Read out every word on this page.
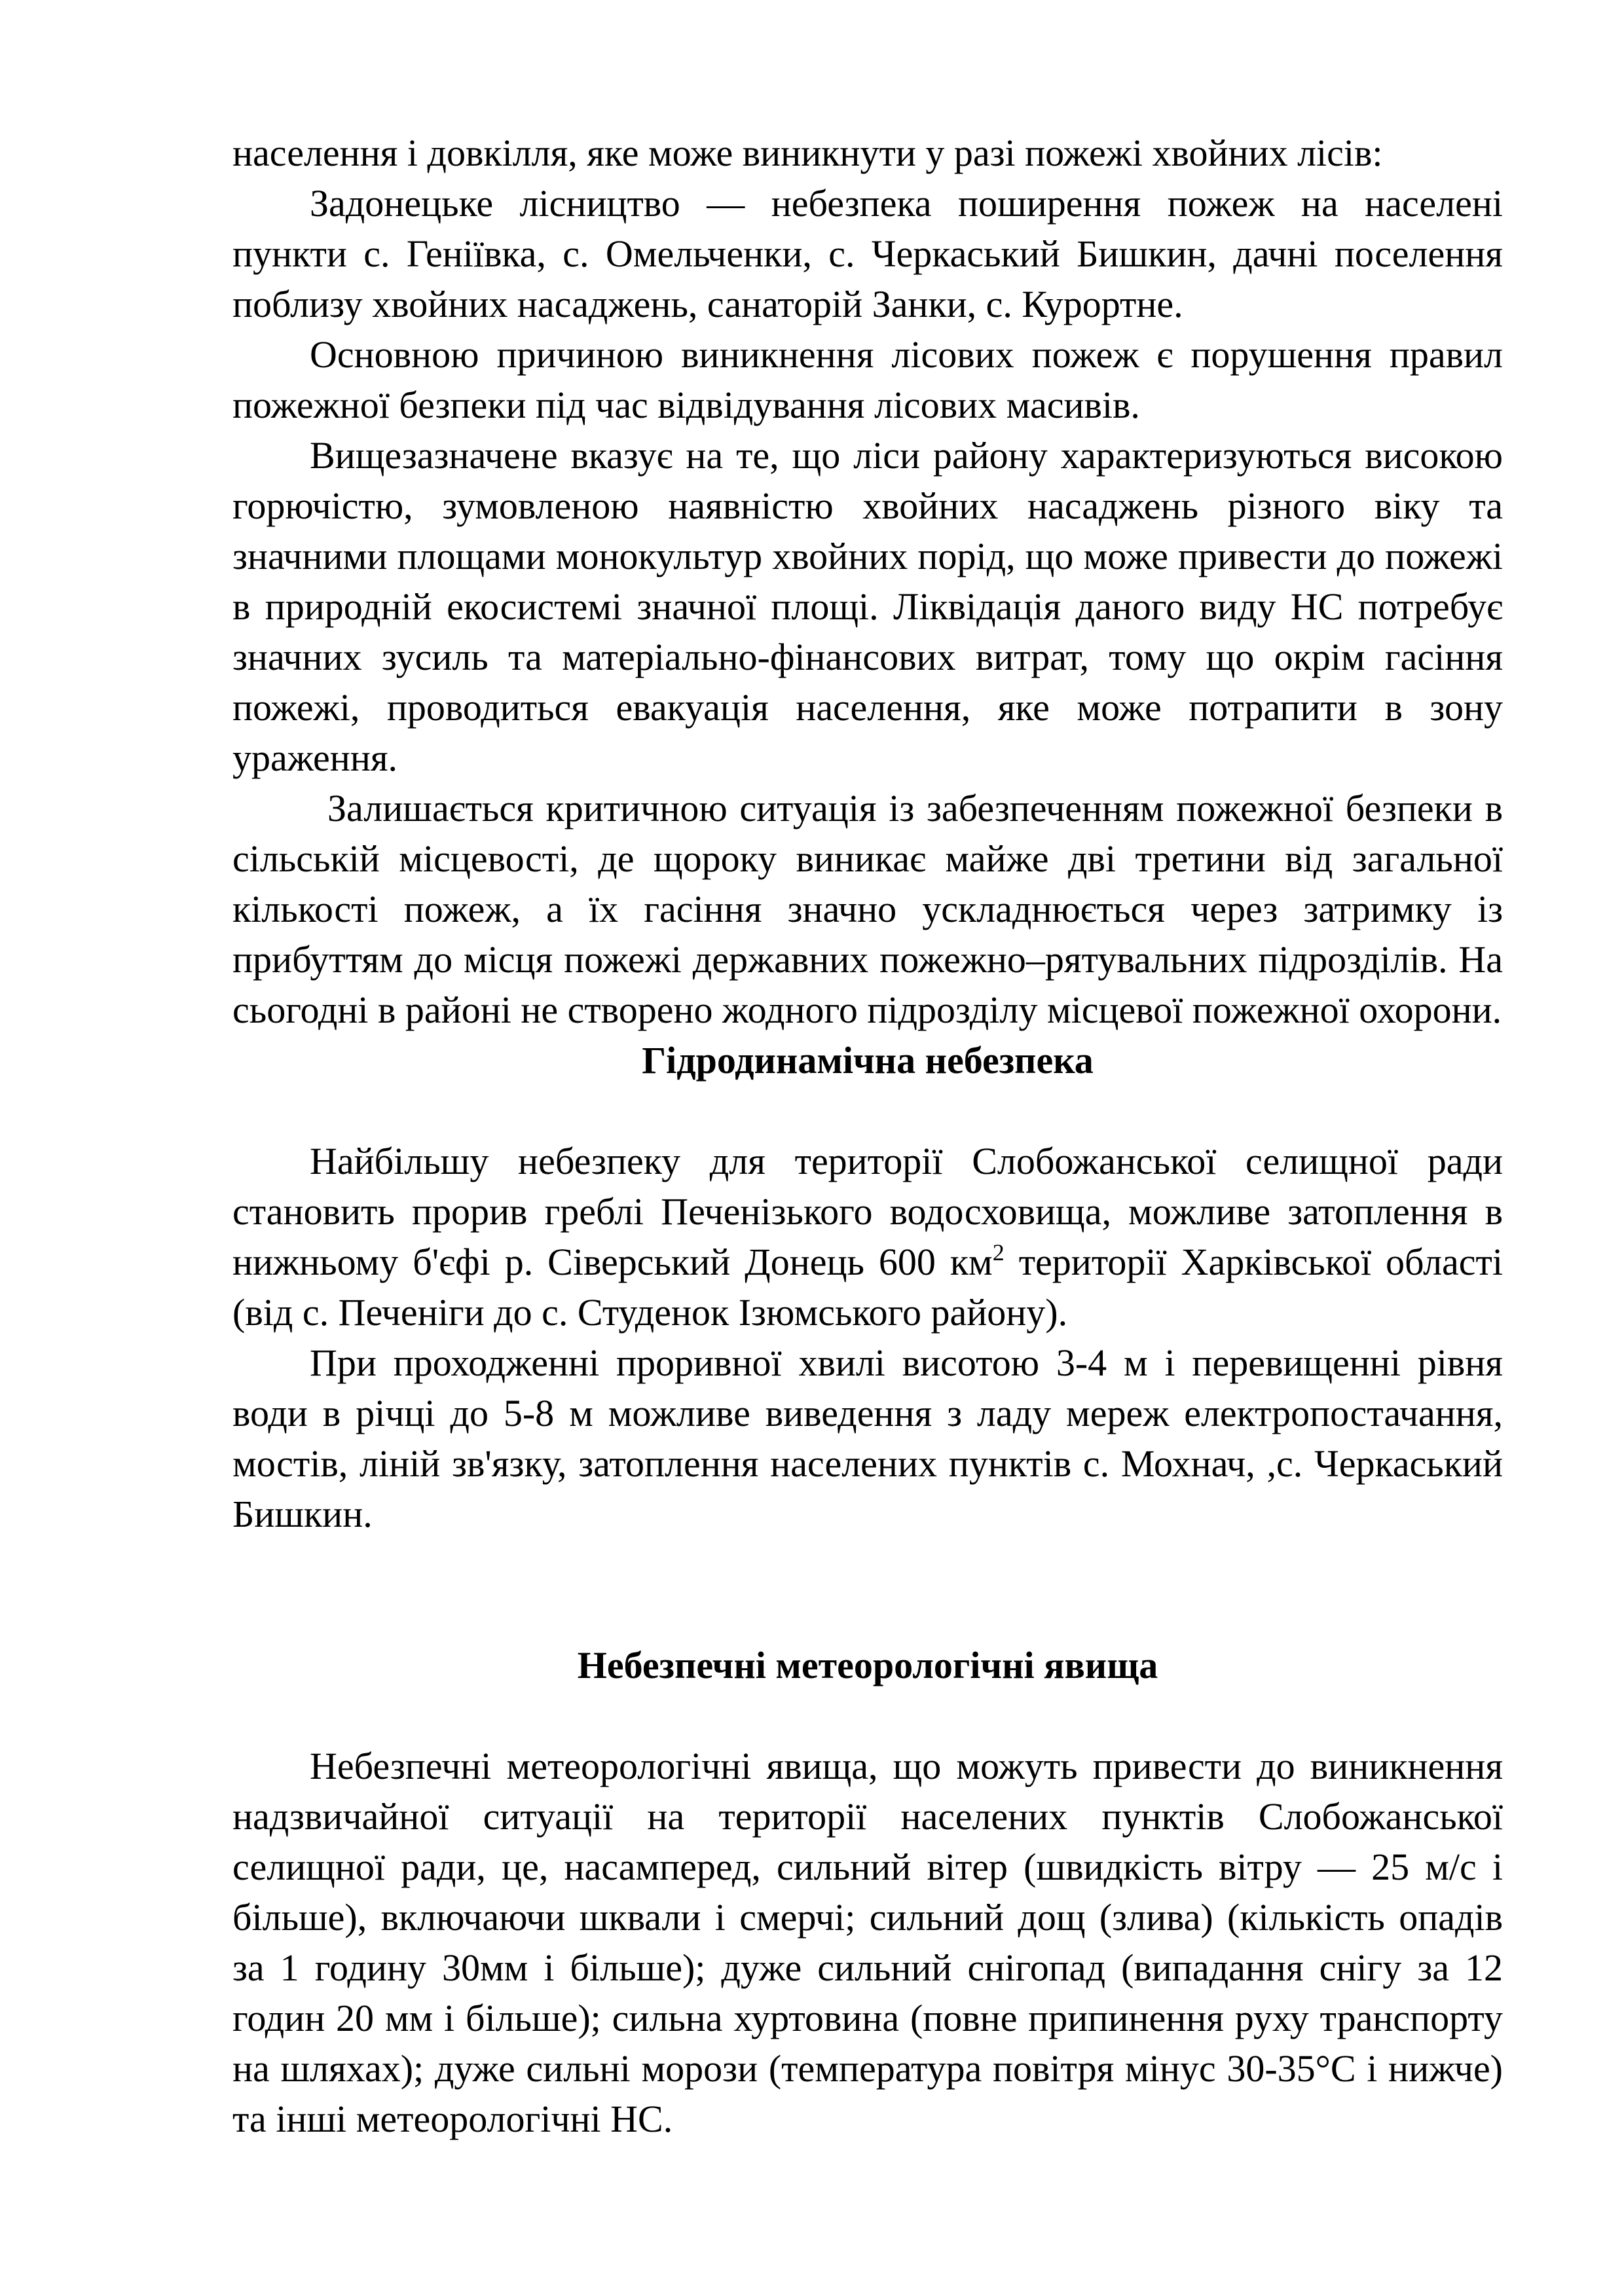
населення і довкілля, яке може виникнути у разі пожежі хвойних лісів:

Задонецьке лісництво — небезпека поширення пожеж на населені пункти с. Геніївка, с. Омельченки, с. Черкаський Бишкин, дачні поселення поблизу хвойних насаджень, санаторій Занки, с. Курортне.

Основною причиною виникнення лісових пожеж є порушення правил пожежної безпеки під час відвідування лісових масивів.

Вищезазначене вказує на те, що ліси району характеризуються високою горючістю, зумовленою наявністю хвойних насаджень різного віку та значними площами монокультур хвойних порід, що може привести до пожежі в природній екосистемі значної площі. Ліквідація даного виду НС потребує значних зусиль та матеріально-фінансових витрат, тому що окрім гасіння пожежі, проводиться евакуація населення, яке може потрапити в зону ураження.

Залишається критичною ситуація із забезпеченням пожежної безпеки в сільській місцевості, де щороку виникає майже дві третини від загальної кількості пожеж, а їх гасіння значно ускладнюється через затримку із прибуттям до місця пожежі державних пожежно–рятувальних підрозділів. На сьогодні в районі не створено жодного підрозділу місцевої пожежної охорони.

Гідродинамічна небезпека

Найбільшу небезпеку для території Слобожанської селищної ради становить прорив греблі Печенізького водосховища, можливе затоплення в нижньому б'єфі р. Сіверський Донець 600 $км^2$ території Харківської області (від с. Печеніги до с. Студенок Ізюмського району).

При проходженні проривної хвилі висотою 3-4 м і перевищенні рівня води в річці до 5-8 м можливе виведення з ладу мереж електропостачання, мостів, ліній зв'язку, затоплення населених пунктів с. Мохнач, ,с. Черкаський Бишкин.

Небезпечні метеорологічні явища

Небезпечні метеорологічні явища, що можуть привести до виникнення надзвичайної ситуації на території населених пунктів Слобожанської селищної ради, це, насамперед, сильний вітер (швидкість вітру — 25 м/с і більше), включаючи шквали і смерчі; сильний дощ (злива) (кількість опадів за 1 годину 30мм і більше); дуже сильний снігопад (випадання снігу за 12 годин 20 мм і більше); сильна хуртовина (повне припинення руху транспорту на шляхах); дуже сильні морози (температура повітря мінус 30-35°С і нижче) та інші метеорологічні НС.
